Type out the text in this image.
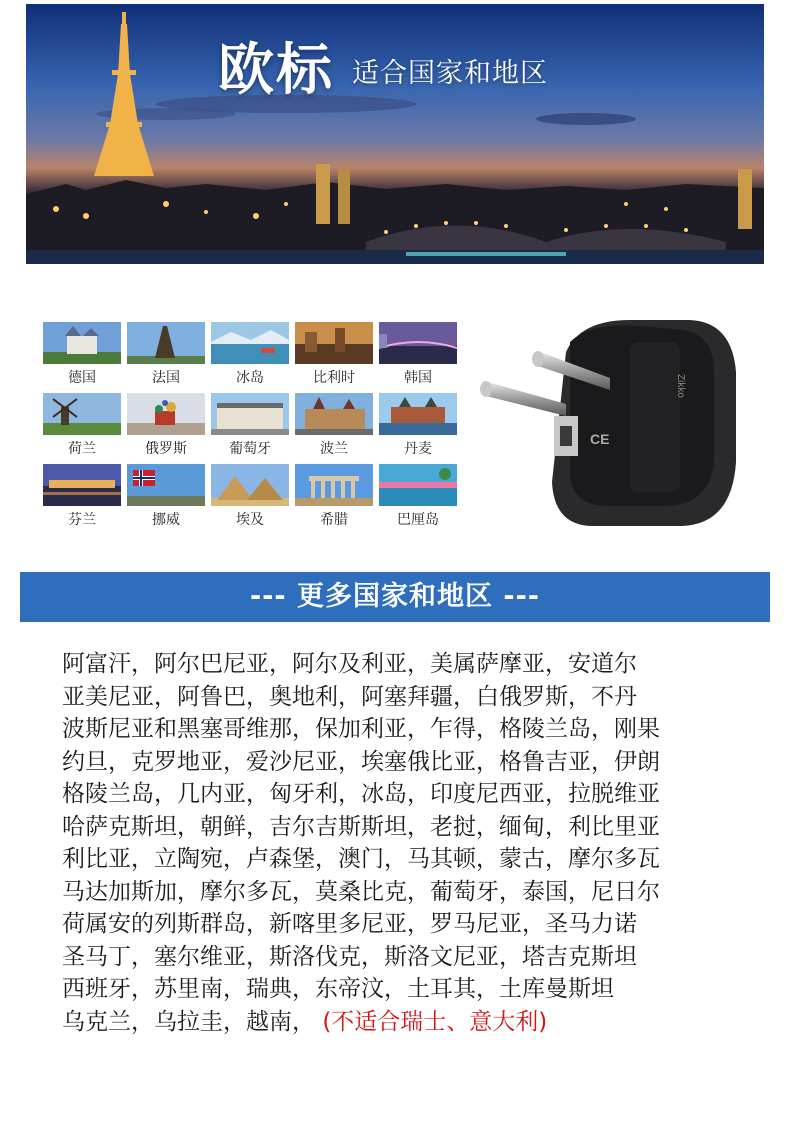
欧标 适合国家和地区
德国	法国	冰岛	比利时	韩国
荷兰	俄罗斯	葡萄牙	波兰	丹麦
芬兰	挪威	埃及	希腊	巴厘岛
CE
Zikko
--- 更多国家和地区 ---
阿富汗，阿尔巴尼亚，阿尔及利亚，美属萨摩亚，安道尔
亚美尼亚，阿鲁巴，奥地利，阿塞拜疆，白俄罗斯，不丹
波斯尼亚和黑塞哥维那，保加利亚，乍得，格陵兰岛，刚果
约旦，克罗地亚，爱沙尼亚，埃塞俄比亚，格鲁吉亚，伊朗
格陵兰岛，几内亚，匈牙利，冰岛，印度尼西亚，拉脱维亚
哈萨克斯坦，朝鲜，吉尔吉斯斯坦，老挝，缅甸，利比里亚
利比亚，立陶宛，卢森堡，澳门，马其顿，蒙古，摩尔多瓦
马达加斯加，摩尔多瓦，莫桑比克，葡萄牙，泰国，尼日尔
荷属安的列斯群岛，新喀里多尼亚，罗马尼亚，圣马力诺
圣马丁，塞尔维亚，斯洛伐克，斯洛文尼亚，塔吉克斯坦
西班牙，苏里南，瑞典，东帝汶，土耳其，土库曼斯坦
乌克兰，乌拉圭，越南， (不适合瑞士、意大利)
